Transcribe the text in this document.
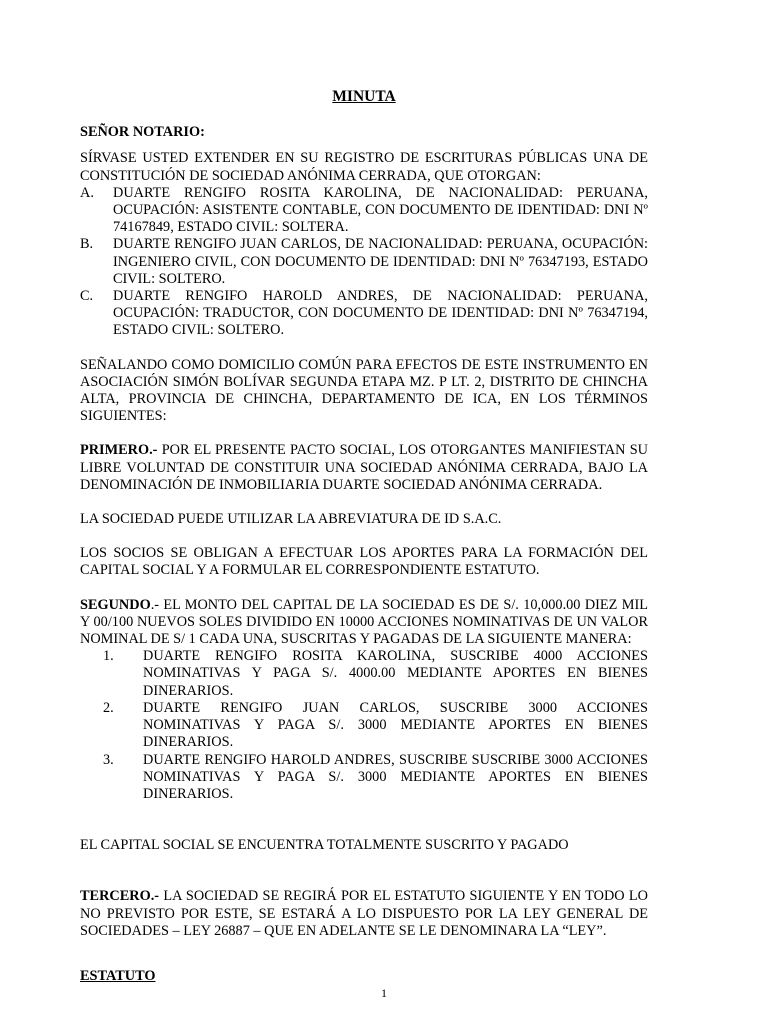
MINUTA

SEÑOR NOTARIO:

SÍRVASE USTED EXTENDER EN SU REGISTRO DE ESCRITURAS PÚBLICAS UNA DE CONSTITUCIÓN DE SOCIEDAD ANÓNIMA CERRADA, QUE OTORGAN:

A. DUARTE RENGIFO ROSITA KAROLINA, DE NACIONALIDAD: PERUANA, OCUPACIÓN: ASISTENTE CONTABLE, CON DOCUMENTO DE IDENTIDAD: DNI Nº 74167849, ESTADO CIVIL: SOLTERA.
B. DUARTE RENGIFO JUAN CARLOS, DE NACIONALIDAD: PERUANA, OCUPACIÓN: INGENIERO CIVIL, CON DOCUMENTO DE IDENTIDAD: DNI Nº 76347193, ESTADO CIVIL: SOLTERO.
C. DUARTE RENGIFO HAROLD ANDRES, DE NACIONALIDAD: PERUANA, OCUPACIÓN: TRADUCTOR, CON DOCUMENTO DE IDENTIDAD: DNI Nº 76347194, ESTADO CIVIL: SOLTERO.

SEÑALANDO COMO DOMICILIO COMÚN PARA EFECTOS DE ESTE INSTRUMENTO EN ASOCIACIÓN SIMÓN BOLÍVAR SEGUNDA ETAPA MZ. P LT. 2, DISTRITO DE CHINCHA ALTA, PROVINCIA DE CHINCHA, DEPARTAMENTO DE ICA, EN LOS TÉRMINOS SIGUIENTES:

PRIMERO.- POR EL PRESENTE PACTO SOCIAL, LOS OTORGANTES MANIFIESTAN SU LIBRE VOLUNTAD DE CONSTITUIR UNA SOCIEDAD ANÓNIMA CERRADA, BAJO LA DENOMINACIÓN DE INMOBILIARIA DUARTE SOCIEDAD ANÓNIMA CERRADA.

LA SOCIEDAD PUEDE UTILIZAR LA ABREVIATURA DE ID S.A.C.

LOS SOCIOS SE OBLIGAN A EFECTUAR LOS APORTES PARA LA FORMACIÓN DEL CAPITAL SOCIAL Y A FORMULAR EL CORRESPONDIENTE ESTATUTO.

SEGUNDO.- EL MONTO DEL CAPITAL DE LA SOCIEDAD ES DE S/. 10,000.00 DIEZ MIL Y 00/100 NUEVOS SOLES DIVIDIDO EN 10000 ACCIONES NOMINATIVAS DE UN VALOR NOMINAL DE S/ 1 CADA UNA, SUSCRITAS Y PAGADAS DE LA SIGUIENTE MANERA:

1. DUARTE RENGIFO ROSITA KAROLINA, SUSCRIBE 4000 ACCIONES NOMINATIVAS Y PAGA S/. 4000.00 MEDIANTE APORTES EN BIENES DINERARIOS.
2. DUARTE RENGIFO JUAN CARLOS, SUSCRIBE 3000 ACCIONES NOMINATIVAS Y PAGA S/. 3000 MEDIANTE APORTES EN BIENES DINERARIOS.
3. DUARTE RENGIFO HAROLD ANDRES, SUSCRIBE SUSCRIBE 3000 ACCIONES NOMINATIVAS Y PAGA S/. 3000 MEDIANTE APORTES EN BIENES DINERARIOS.

EL CAPITAL SOCIAL SE ENCUENTRA TOTALMENTE SUSCRITO Y PAGADO

TERCERO.- LA SOCIEDAD SE REGIRÁ POR EL ESTATUTO SIGUIENTE Y EN TODO LO NO PREVISTO POR ESTE, SE ESTARÁ A LO DISPUESTO POR LA LEY GENERAL DE SOCIEDADES – LEY 26887 – QUE EN ADELANTE SE LE DENOMINARA LA “LEY”.

ESTATUTO

1
